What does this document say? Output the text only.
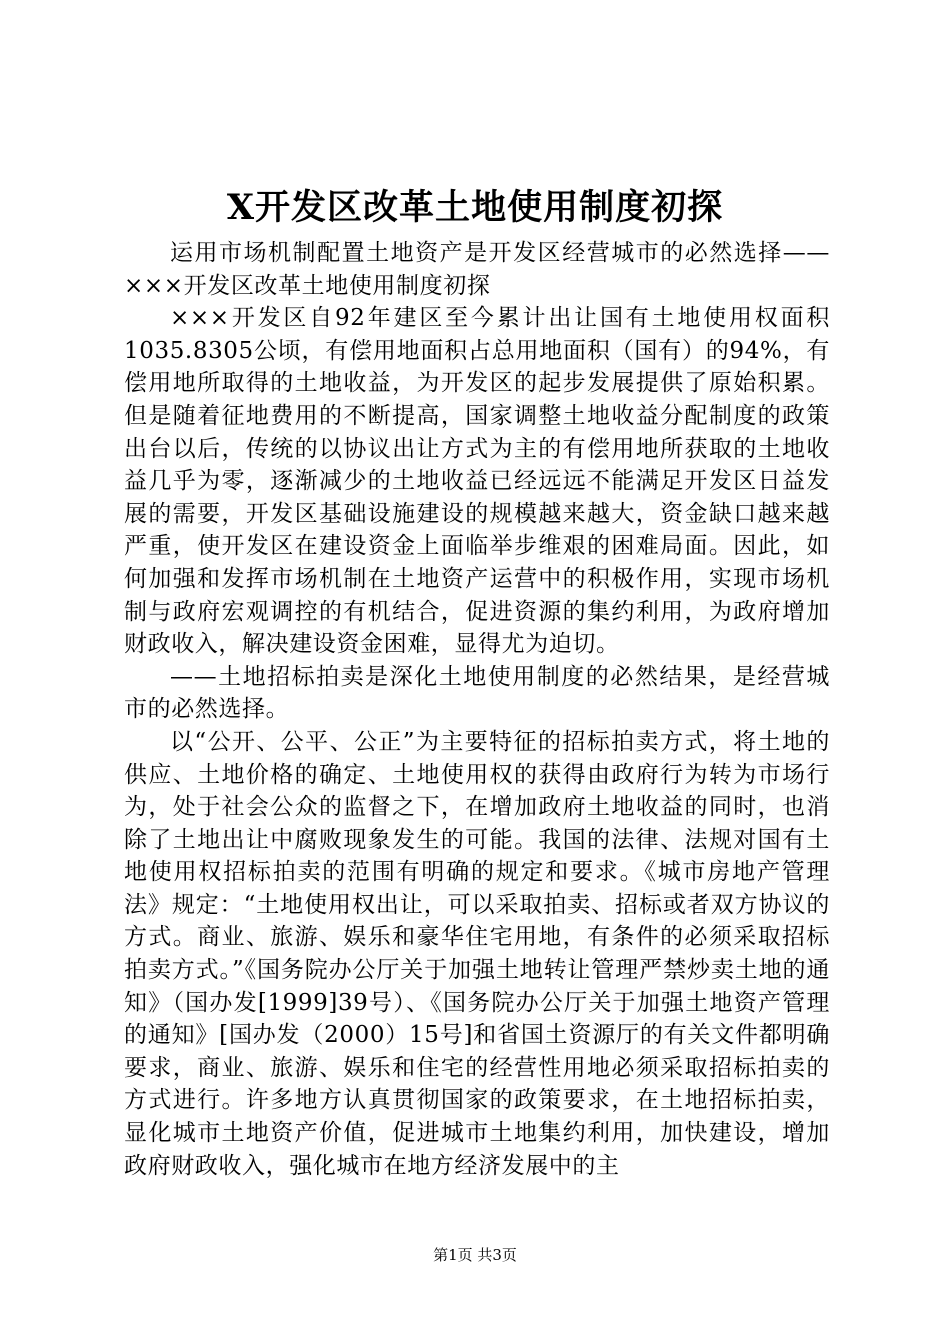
X开发区改革土地使用制度初探

运用市场机制配置土地资产是开发区经营城市的必然选择——×××开发区改革土地使用制度初探

×××开发区自92年建区至今累计出让国有土地使用权面积1035.8305公顷，有偿用地面积占总用地面积（国有）的94%，有偿用地所取得的土地收益，为开发区的起步发展提供了原始积累。但是随着征地费用的不断提高，国家调整土地收益分配制度的政策出台以后，传统的以协议出让方式为主的有偿用地所获取的土地收益几乎为零，逐渐减少的土地收益已经远远不能满足开发区日益发展的需要，开发区基础设施建设的规模越来越大，资金缺口越来越严重，使开发区在建设资金上面临举步维艰的困难局面。因此，如何加强和发挥市场机制在土地资产运营中的积极作用，实现市场机制与政府宏观调控的有机结合，促进资源的集约利用，为政府增加财政收入，解决建设资金困难，显得尤为迫切。

——土地招标拍卖是深化土地使用制度的必然结果，是经营城市的必然选择。

以“公开、公平、公正”为主要特征的招标拍卖方式，将土地的供应、土地价格的确定、土地使用权的获得由政府行为转为市场行为，处于社会公众的监督之下，在增加政府土地收益的同时，也消除了土地出让中腐败现象发生的可能。我国的法律、法规对国有土地使用权招标拍卖的范围有明确的规定和要求。《城市房地产管理法》规定：“土地使用权出让，可以采取拍卖、招标或者双方协议的方式。商业、旅游、娱乐和豪华住宅用地，有条件的必须采取招标拍卖方式。”《国务院办公厅关于加强土地转让管理严禁炒卖土地的通知》（国办发[1999]39号）、《国务院办公厅关于加强土地资产管理的通知》[国办发（2000）15号]和省国土资源厅的有关文件都明确要求，商业、旅游、娱乐和住宅的经营性用地必须采取招标拍卖的方式进行。许多地方认真贯彻国家的政策要求，在土地招标拍卖，显化城市土地资产价值，促进城市土地集约利用，加快建设，增加政府财政收入，强化城市在地方经济发展中的主

第1页 共3页
